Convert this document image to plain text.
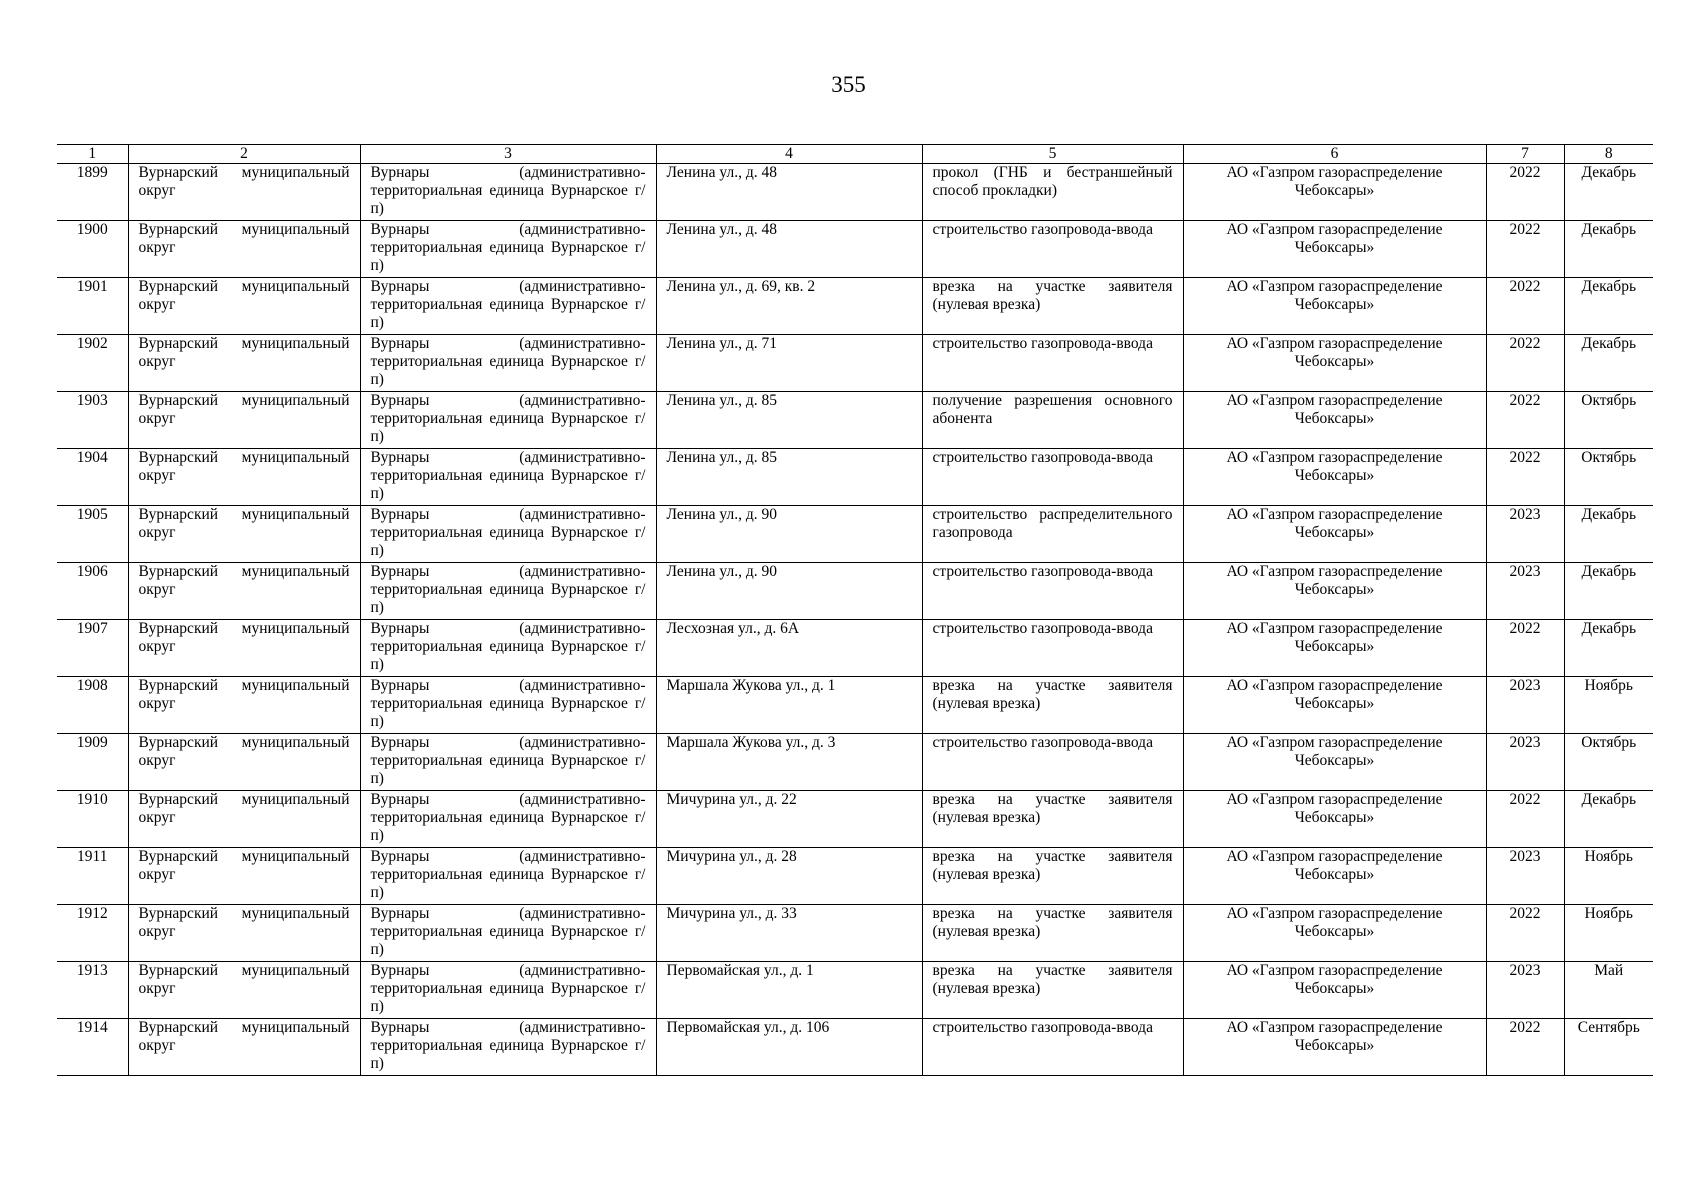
355
1	2	3	4	5	6	7	8
1899	Вурнарский муниципальный округ	Вурнары (административно-территориальная единица Вурнарское г/п)	Ленина ул., д. 48	прокол (ГНБ и бестраншейный способ прокладки)	АО «Газпром газораспределение Чебоксары»	2022	Декабрь
1900	Вурнарский муниципальный округ	Вурнары (административно-территориальная единица Вурнарское г/п)	Ленина ул., д. 48	строительство газопровода-ввода	АО «Газпром газораспределение Чебоксары»	2022	Декабрь
1901	Вурнарский муниципальный округ	Вурнары (административно-территориальная единица Вурнарское г/п)	Ленина ул., д. 69, кв. 2	врезка на участке заявителя (нулевая врезка)	АО «Газпром газораспределение Чебоксары»	2022	Декабрь
1902	Вурнарский муниципальный округ	Вурнары (административно-территориальная единица Вурнарское г/п)	Ленина ул., д. 71	строительство газопровода-ввода	АО «Газпром газораспределение Чебоксары»	2022	Декабрь
1903	Вурнарский муниципальный округ	Вурнары (административно-территориальная единица Вурнарское г/п)	Ленина ул., д. 85	получение разрешения основного абонента	АО «Газпром газораспределение Чебоксары»	2022	Октябрь
1904	Вурнарский муниципальный округ	Вурнары (административно-территориальная единица Вурнарское г/п)	Ленина ул., д. 85	строительство газопровода-ввода	АО «Газпром газораспределение Чебоксары»	2022	Октябрь
1905	Вурнарский муниципальный округ	Вурнары (административно-территориальная единица Вурнарское г/п)	Ленина ул., д. 90	строительство распределительного газопровода	АО «Газпром газораспределение Чебоксары»	2023	Декабрь
1906	Вурнарский муниципальный округ	Вурнары (административно-территориальная единица Вурнарское г/п)	Ленина ул., д. 90	строительство газопровода-ввода	АО «Газпром газораспределение Чебоксары»	2023	Декабрь
1907	Вурнарский муниципальный округ	Вурнары (административно-территориальная единица Вурнарское г/п)	Лесхозная ул., д. 6А	строительство газопровода-ввода	АО «Газпром газораспределение Чебоксары»	2022	Декабрь
1908	Вурнарский муниципальный округ	Вурнары (административно-территориальная единица Вурнарское г/п)	Маршала Жукова ул., д. 1	врезка на участке заявителя (нулевая врезка)	АО «Газпром газораспределение Чебоксары»	2023	Ноябрь
1909	Вурнарский муниципальный округ	Вурнары (административно-территориальная единица Вурнарское г/п)	Маршала Жукова ул., д. 3	строительство газопровода-ввода	АО «Газпром газораспределение Чебоксары»	2023	Октябрь
1910	Вурнарский муниципальный округ	Вурнары (административно-территориальная единица Вурнарское г/п)	Мичурина ул., д. 22	врезка на участке заявителя (нулевая врезка)	АО «Газпром газораспределение Чебоксары»	2022	Декабрь
1911	Вурнарский муниципальный округ	Вурнары (административно-территориальная единица Вурнарское г/п)	Мичурина ул., д. 28	врезка на участке заявителя (нулевая врезка)	АО «Газпром газораспределение Чебоксары»	2023	Ноябрь
1912	Вурнарский муниципальный округ	Вурнары (административно-территориальная единица Вурнарское г/п)	Мичурина ул., д. 33	врезка на участке заявителя (нулевая врезка)	АО «Газпром газораспределение Чебоксары»	2022	Ноябрь
1913	Вурнарский муниципальный округ	Вурнары (административно-территориальная единица Вурнарское г/п)	Первомайская ул., д. 1	врезка на участке заявителя (нулевая врезка)	АО «Газпром газораспределение Чебоксары»	2023	Май
1914	Вурнарский муниципальный округ	Вурнары (административно-территориальная единица Вурнарское г/п)	Первомайская ул., д. 106	строительство газопровода-ввода	АО «Газпром газораспределение Чебоксары»	2022	Сентябрь
